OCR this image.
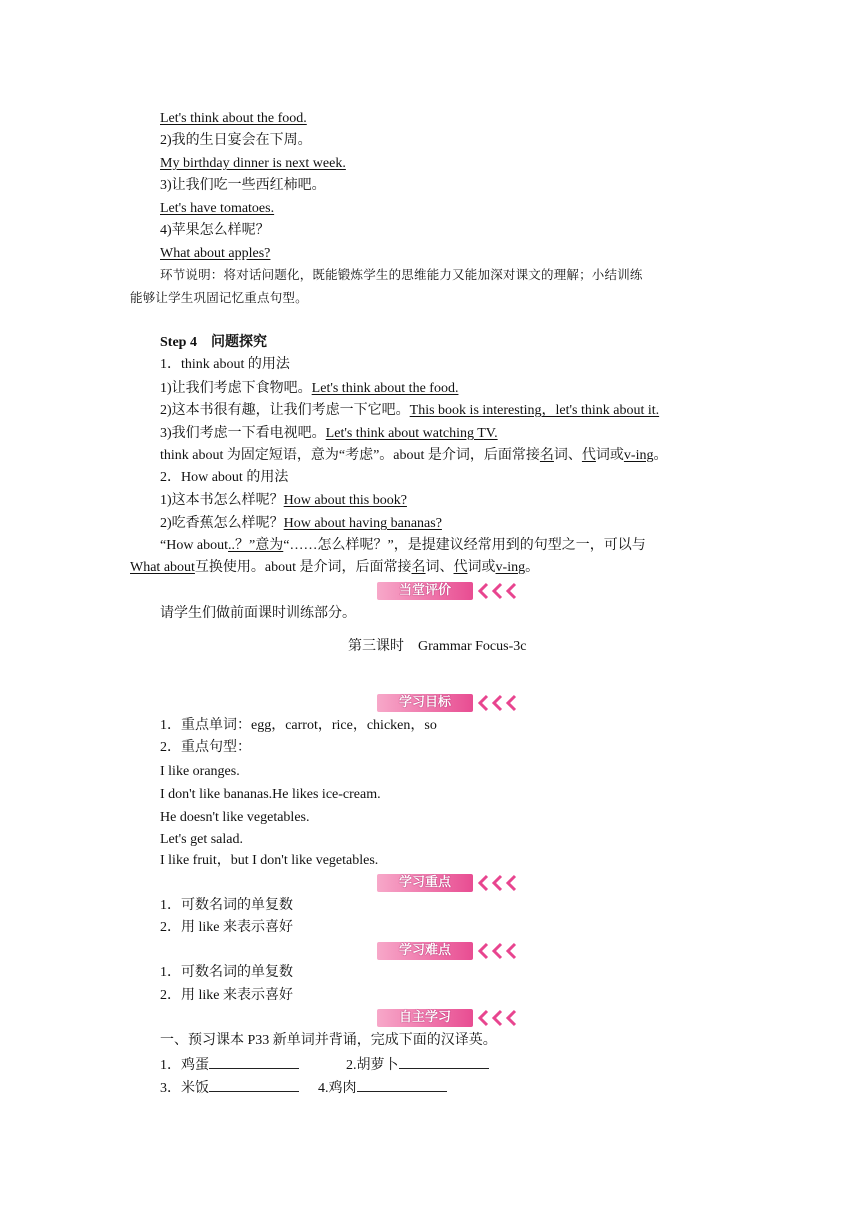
Let's think about the food.
2)我的生日宴会在下周。
My birthday dinner is next week.
3)让我们吃一些西红柿吧。
Let's have tomatoes.
4)苹果怎么样呢？
What about apples?
环节说明：将对话问题化，既能锻炼学生的思维能力又能加深对课文的理解；小结训练
能够让学生巩固记忆重点句型。
Step 4　问题探究
1．think about 的用法
1)让我们考虑下食物吧。Let's think about the food.
2)这本书很有趣，让我们考虑一下它吧。This book is interesting，let's think about it.
3)我们考虑一下看电视吧。Let's think about watching TV.
think about 为固定短语，意为“考虑”。about 是介词，后面常接名词、代词或v-ing。
2．How about 的用法
1)这本书怎么样呢？How about this book?
2)吃香蕉怎么样呢？How about having bananas?
“How about..？”意为“……怎么样呢？”，是提建议经常用到的句型之一，可以与
What about互换使用。about 是介词，后面常接名词、代词或v-ing。
当堂评价
请学生们做前面课时训练部分。
第三课时　Grammar Focus-3c
学习目标
1．重点单词：egg，carrot，rice，chicken，so
2．重点句型：
I like oranges.
I don't like bananas.He likes ice-cream.
He doesn't like vegetables.
Let's get salad.
I like fruit，but I don't like vegetables.
学习重点
1．可数名词的单复数
2．用 like 来表示喜好
学习难点
1．可数名词的单复数
2．用 like 来表示喜好
自主学习
一、预习课本 P33 新单词并背诵，完成下面的汉译英。
1．鸡蛋	2.胡萝卜
3．米饭	4.鸡肉
